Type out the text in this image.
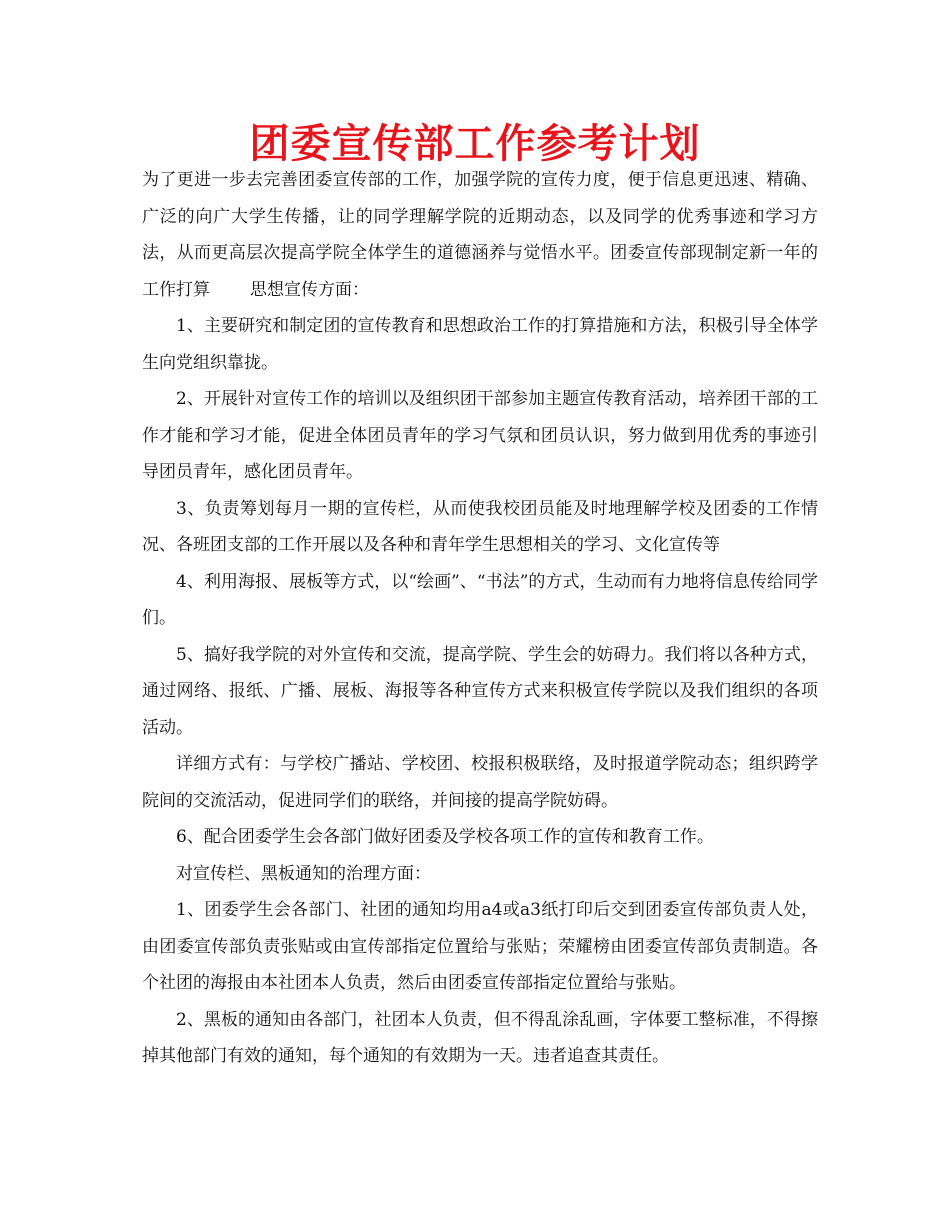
团委宣传部工作参考计划

为了更进一步去完善团委宣传部的工作，加强学院的宣传力度，便于信息更迅速、精确、广泛的向广大学生传播，让的同学理解学院的近期动态，以及同学的优秀事迹和学习方法，从而更高层次提高学院全体学生的道德涵养与觉悟水平。团委宣传部现制定新一年的工作打算 思想宣传方面：

1、主要研究和制定团的宣传教育和思想政治工作的打算措施和方法，积极引导全体学生向党组织靠拢。

2、开展针对宣传工作的培训以及组织团干部参加主题宣传教育活动，培养团干部的工作才能和学习才能，促进全体团员青年的学习气氛和团员认识，努力做到用优秀的事迹引导团员青年，感化团员青年。

3、负责筹划每月一期的宣传栏，从而使我校团员能及时地理解学校及团委的工作情况、各班团支部的工作开展以及各种和青年学生思想相关的学习、文化宣传等

4、利用海报、展板等方式，以“绘画”、“书法”的方式，生动而有力地将信息传给同学们。

5、搞好我学院的对外宣传和交流，提高学院、学生会的妨碍力。我们将以各种方式，通过网络、报纸、广播、展板、海报等各种宣传方式来积极宣传学院以及我们组织的各项活动。

详细方式有：与学校广播站、学校团、校报积极联络，及时报道学院动态；组织跨学院间的交流活动，促进同学们的联络，并间接的提高学院妨碍。

6、配合团委学生会各部门做好团委及学校各项工作的宣传和教育工作。

对宣传栏、黑板通知的治理方面：

1、团委学生会各部门、社团的通知均用a4或a3纸打印后交到团委宣传部负责人处，由团委宣传部负责张贴或由宣传部指定位置给与张贴；荣耀榜由团委宣传部负责制造。各个社团的海报由本社团本人负责，然后由团委宣传部指定位置给与张贴。

2、黑板的通知由各部门，社团本人负责，但不得乱涂乱画，字体要工整标准，不得擦掉其他部门有效的通知，每个通知的有效期为一天。违者追查其责任。
